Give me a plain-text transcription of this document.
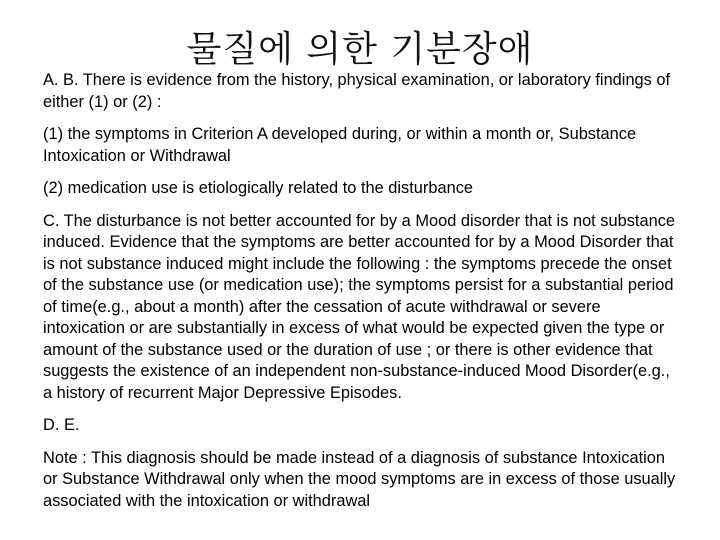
물질에 의한 기분장애

A. B. There is evidence from the history, physical examination, or laboratory findings of either (1) or (2) :

(1) the symptoms in Criterion A developed during, or within a month or, Substance Intoxication or Withdrawal

(2) medication use is etiologically related to the disturbance

C. The disturbance is not better accounted for by a Mood disorder that is not substance induced. Evidence that the symptoms are better accounted for by a Mood Disorder that is not substance induced might include the following : the symptoms precede the onset of the substance use (or medication use); the symptoms persist for a substantial period of time(e.g., about a month) after the cessation of acute withdrawal or severe intoxication or are substantially in excess of what would be expected given the type or amount of the substance used or the duration of use ; or there is other evidence that suggests the existence of an independent non-substance-induced Mood Disorder(e.g., a history of recurrent Major Depressive Episodes.

D. E.

Note : This diagnosis should be made instead of a diagnosis of substance Intoxication or Substance Withdrawal only when the mood symptoms are in excess of those usually associated with the intoxication or withdrawal
